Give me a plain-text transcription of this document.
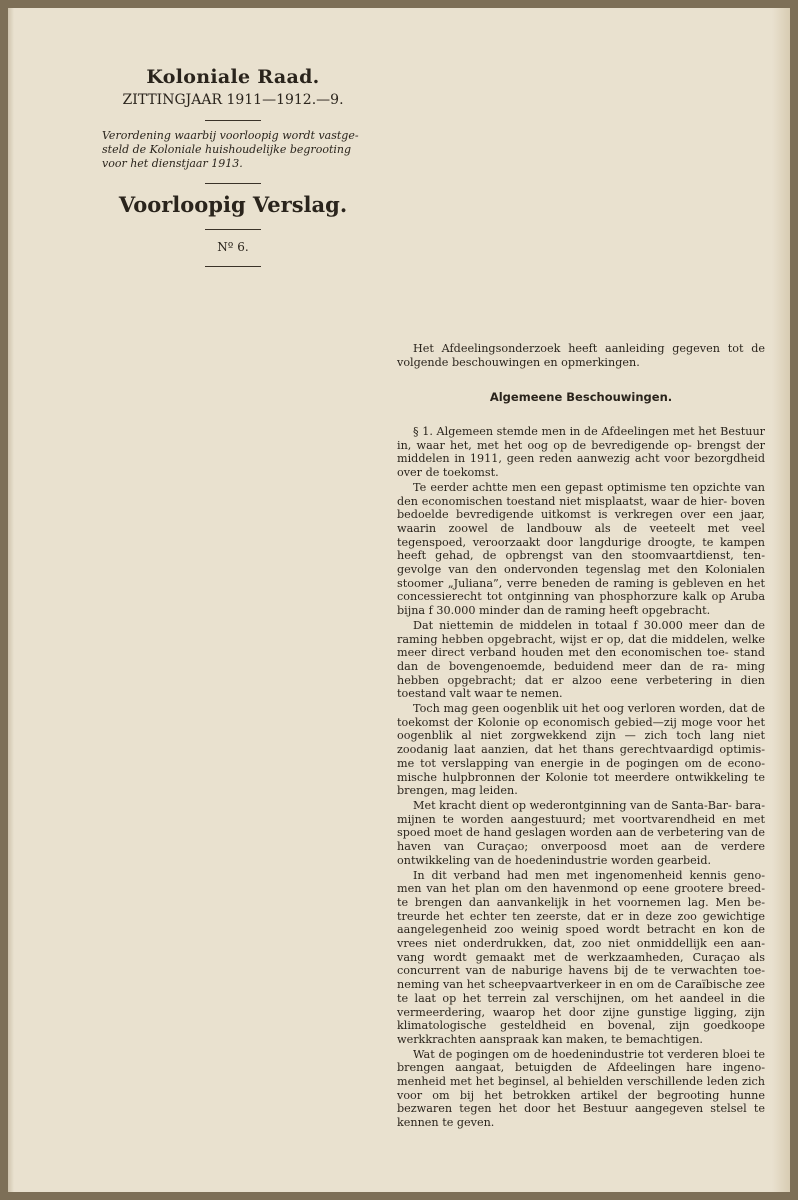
Koloniale Raad.

ZITTINGJAAR 1911—1912.—9.

Verordening waarbij voorloopig wordt vastge- steld de Koloniale huishoudelijke begrooting voor het dienstjaar 1913.

Voorloopig Verslag.

Nº 6.

Het Afdeelingsonderzoek heeft aanleiding gegeven tot de volgende beschouwingen en opmerkingen.

Algemeene Beschouwingen.

§ 1. Algemeen stemde men in de Afdeelingen met het Bestuur in, waar het, met het oog op de bevredigende op- brengst der middelen in 1911, geen reden aanwezig acht voor bezorgdheid over de toekomst.

Te eerder achtte men een gepast optimisme ten opzichte van den economischen toestand niet misplaatst, waar de hier- boven bedoelde bevredigende uitkomst is verkregen over een jaar, waarin zoowel de landbouw als de veeteelt met veel tegenspoed, veroorzaakt door langdurige droogte, te kampen heeft gehad, de opbrengst van den stoomvaartdienst, ten- gevolge van den ondervonden tegenslag met den Kolonialen stoomer „Juliana”, verre beneden de raming is gebleven en het concessierecht tot ontginning van phosphorzure kalk op Aruba bijna f 30.000 minder dan de raming heeft opgebracht.

Dat niettemin de middelen in totaal f 30.000 meer dan de raming hebben opgebracht, wijst er op, dat die middelen, welke meer direct verband houden met den economischen toe- stand dan de bovengenoemde, beduidend meer dan de ra- ming hebben opgebracht; dat er alzoo eene verbetering in dien toestand valt waar te nemen.

Toch mag geen oogenblik uit het oog verloren worden, dat de toekomst der Kolonie op economisch gebied—zij moge voor het oogenblik al niet zorgwekkend zijn — zich toch lang niet zoodanig laat aanzien, dat het thans gerechtvaardigd optimis- me tot verslapping van energie in de pogingen om de econo- mische hulpbronnen der Kolonie tot meerdere ontwikkeling te brengen, mag leiden.

Met kracht dient op wederontginning van de Santa-Bar- bara-mijnen te worden aangestuurd; met voortvarendheid en met spoed moet de hand geslagen worden aan de verbetering van de haven van Curaçao; onverpoosd moet aan de verdere ontwikkeling van de hoedenindustrie worden gearbeid.

In dit verband had men met ingenomenheid kennis geno- men van het plan om den havenmond op eene grootere breed- te brengen dan aanvankelijk in het voornemen lag. Men be- treurde het echter ten zeerste, dat er in deze zoo gewichtige aangelegenheid zoo weinig spoed wordt betracht en kon de vrees niet onderdrukken, dat, zoo niet onmiddellijk een aan- vang wordt gemaakt met de werkzaamheden, Curaçao als concurrent van de naburige havens bij de te verwachten toe- neming van het scheepvaartverkeer in en om de Caraïbische zee te laat op het terrein zal verschijnen, om het aandeel in die vermeerdering, waarop het door zijne gunstige ligging, zijn klimatologische gesteldheid en bovenal, zijn goedkoope werkkrachten aanspraak kan maken, te bemachtigen.

Wat de pogingen om de hoedenindustrie tot verderen bloei te brengen aangaat, betuigden de Afdeelingen hare ingeno- menheid met het beginsel, al behielden verschillende leden zich voor om bij het betrokken artikel der begrooting hunne bezwaren tegen het door het Bestuur aangegeven stelsel te kennen te geven.
